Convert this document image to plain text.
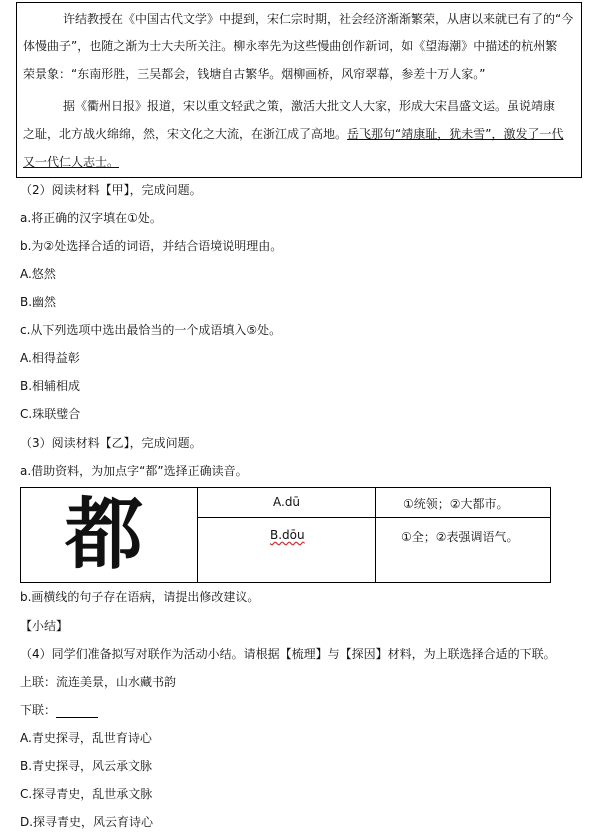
许结教授在《中国古代文学》中提到，宋仁宗时期，社会经济渐渐繁荣，从唐以来就已有了的“今
体慢曲子”，也随之渐为士大夫所关注。柳永率先为这些慢曲创作新词，如《望海潮》中描述的杭州繁
荣景象：“东南形胜，三吴都会，钱塘自古繁华。烟柳画桥，风帘翠幕，参差十万人家。”
据《衢州日报》报道，宋以重文轻武之策，激活大批文人大家，形成大宋昌盛文运。虽说靖康
之耻，北方战火绵绵，然，宋文化之大流，在浙江成了高地。岳飞那句“靖康耻，犹未雪”，激发了一代
又一代仁人志士。
（2）阅读材料【甲】，完成问题。
a.将正确的汉字填在①处。
b.为②处选择合适的词语，并结合语境说明理由。
A.悠然
B.幽然
c.从下列选项中选出最恰当的一个成语填入⑤处。
A.相得益彰
B.相辅相成
C.珠联璧合
（3）阅读材料【乙】，完成问题。
a.借助资料，为加点字“都”选择正确读音。
都	A.dū	①统领；②大都市。
B.dōu	①全；②表强调语气。
b.画横线的句子存在语病，请提出修改建议。
【小结】
（4）同学们准备拟写对联作为活动小结。请根据【梳理】与【探因】材料，为上联选择合适的下联。
上联：流连美景，山水藏书韵
下联：
A.青史探寻，乱世育诗心
B.青史探寻，风云承文脉
C.探寻青史，乱世承文脉
D.探寻青史，风云育诗心
